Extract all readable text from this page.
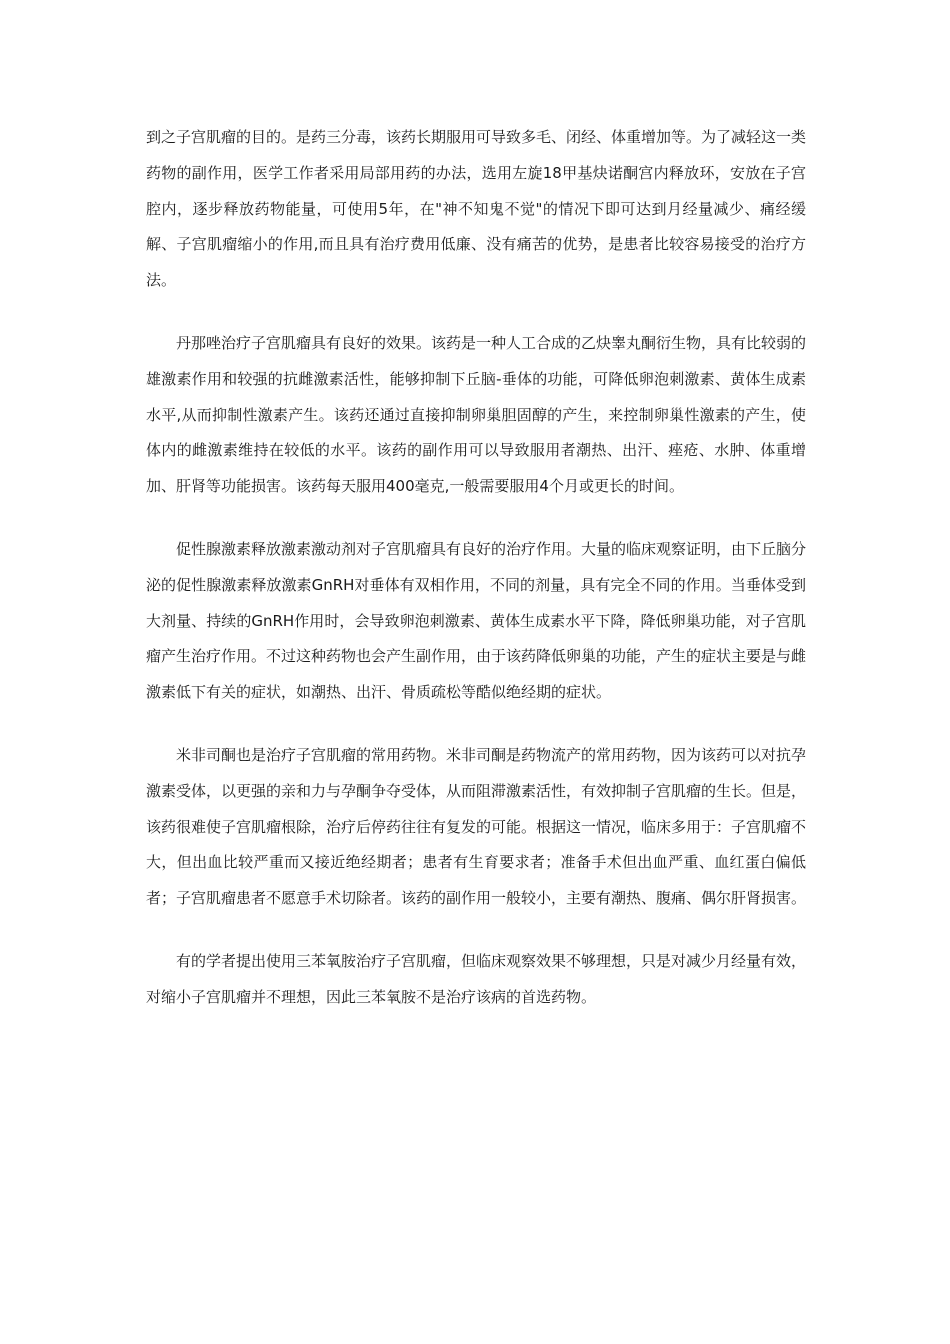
到之子宫肌瘤的目的。是药三分毒，该药长期服用可导致多毛、闭经、体重增加等。为了减轻这一类药物的副作用，医学工作者采用局部用药的办法，选用左旋18甲基炔诺酮宫内释放环，安放在子宫腔内，逐步释放药物能量，可使用5年，在"神不知鬼不觉"的情况下即可达到月经量减少、痛经缓解、子宫肌瘤缩小的作用,而且具有治疗费用低廉、没有痛苦的优势，是患者比较容易接受的治疗方法。

丹那唑治疗子宫肌瘤具有良好的效果。该药是一种人工合成的乙炔睾丸酮衍生物，具有比较弱的雄激素作用和较强的抗雌激素活性，能够抑制下丘脑-垂体的功能，可降低卵泡刺激素、黄体生成素水平,从而抑制性激素产生。该药还通过直接抑制卵巢胆固醇的产生，来控制卵巢性激素的产生，使体内的雌激素维持在较低的水平。该药的副作用可以导致服用者潮热、出汗、痤疮、水肿、体重增加、肝肾等功能损害。该药每天服用400毫克,一般需要服用4个月或更长的时间。

促性腺激素释放激素激动剂对子宫肌瘤具有良好的治疗作用。大量的临床观察证明，由下丘脑分泌的促性腺激素释放激素GnRH对垂体有双相作用，不同的剂量，具有完全不同的作用。当垂体受到大剂量、持续的GnRH作用时，会导致卵泡刺激素、黄体生成素水平下降，降低卵巢功能，对子宫肌瘤产生治疗作用。不过这种药物也会产生副作用，由于该药降低卵巢的功能，产生的症状主要是与雌激素低下有关的症状，如潮热、出汗、骨质疏松等酷似绝经期的症状。

米非司酮也是治疗子宫肌瘤的常用药物。米非司酮是药物流产的常用药物，因为该药可以对抗孕激素受体，以更强的亲和力与孕酮争夺受体，从而阻滞激素活性，有效抑制子宫肌瘤的生长。但是，该药很难使子宫肌瘤根除，治疗后停药往往有复发的可能。根据这一情况，临床多用于：子宫肌瘤不大，但出血比较严重而又接近绝经期者；患者有生育要求者；准备手术但出血严重、血红蛋白偏低者；子宫肌瘤患者不愿意手术切除者。该药的副作用一般较小，主要有潮热、腹痛、偶尔肝肾损害。

有的学者提出使用三苯氧胺治疗子宫肌瘤，但临床观察效果不够理想，只是对减少月经量有效，对缩小子宫肌瘤并不理想，因此三苯氧胺不是治疗该病的首选药物。
